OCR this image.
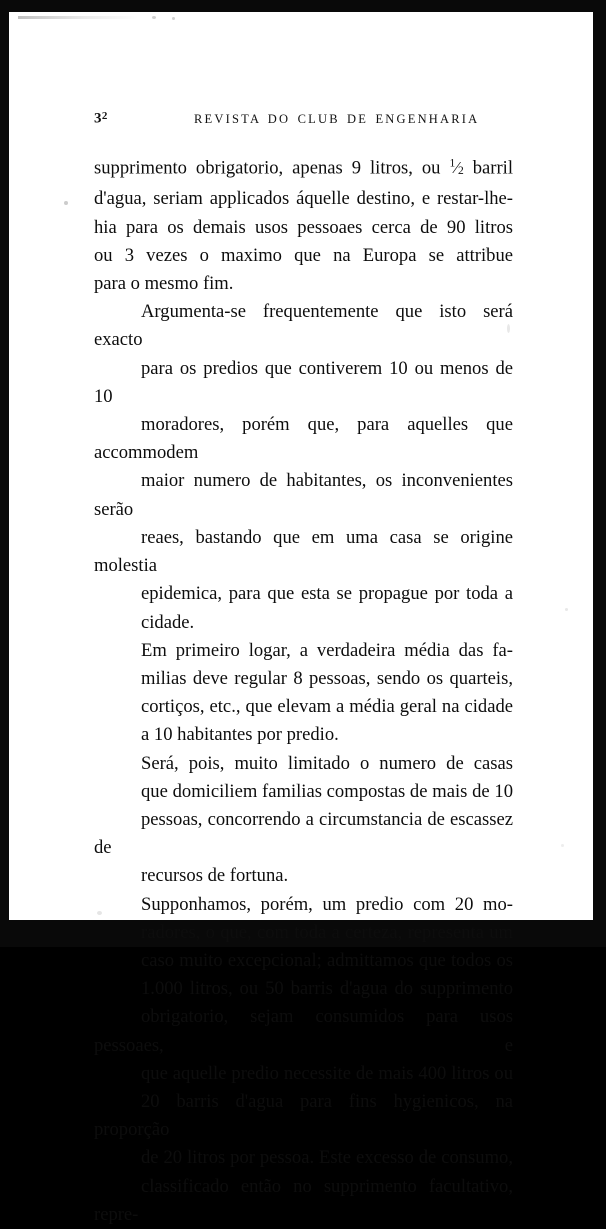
$3^2$	REVISTA DO CLUB DE ENGENHARIA

supprimento obrigatorio, apenas 9 litros, ou $^1$⁄2 barril
d'agua, seriam applicados áquelle destino, e restar-lhe-
hia para os demais usos pessoaes cerca de 90 litros
ou 3 vezes o maximo que na Europa se attribue
para o mesmo fim.

Argumenta-se frequentemente que isto será exacto
para os predios que contiverem 10 ou menos de 10
moradores, porém que, para aquelles que accommodem
maior numero de habitantes, os inconvenientes serão
reaes, bastando que em uma casa se origine molestia
epidemica, para que esta se propague por toda a
cidade.

Em primeiro logar, a verdadeira média das fa-
milias deve regular 8 pessoas, sendo os quarteis,
cortiços, etc., que elevam a média geral na cidade
a 10 habitantes por predio.

Será, pois, muito limitado o numero de casas
que domiciliem familias compostas de mais de 10
pessoas, concorrendo a circumstancia de escassez de
recursos de fortuna.

Supponhamos, porém, um predio com 20 mo-
radores, o que, com toda a certeza, representa um
caso muito excepcional; admittamos que todos os
1.000 litros, ou 50 barris d'agua do supprimento
obrigatorio, sejam consumidos para usos pessoaes, e
que aquelle predio necessite de mais 400 litros ou
20 barris d'agua para fins hygienicos, na proporção
de 20 litros por pessoa. Este excesso de consumo,
classificado então no supprimento facultativo, repre-
